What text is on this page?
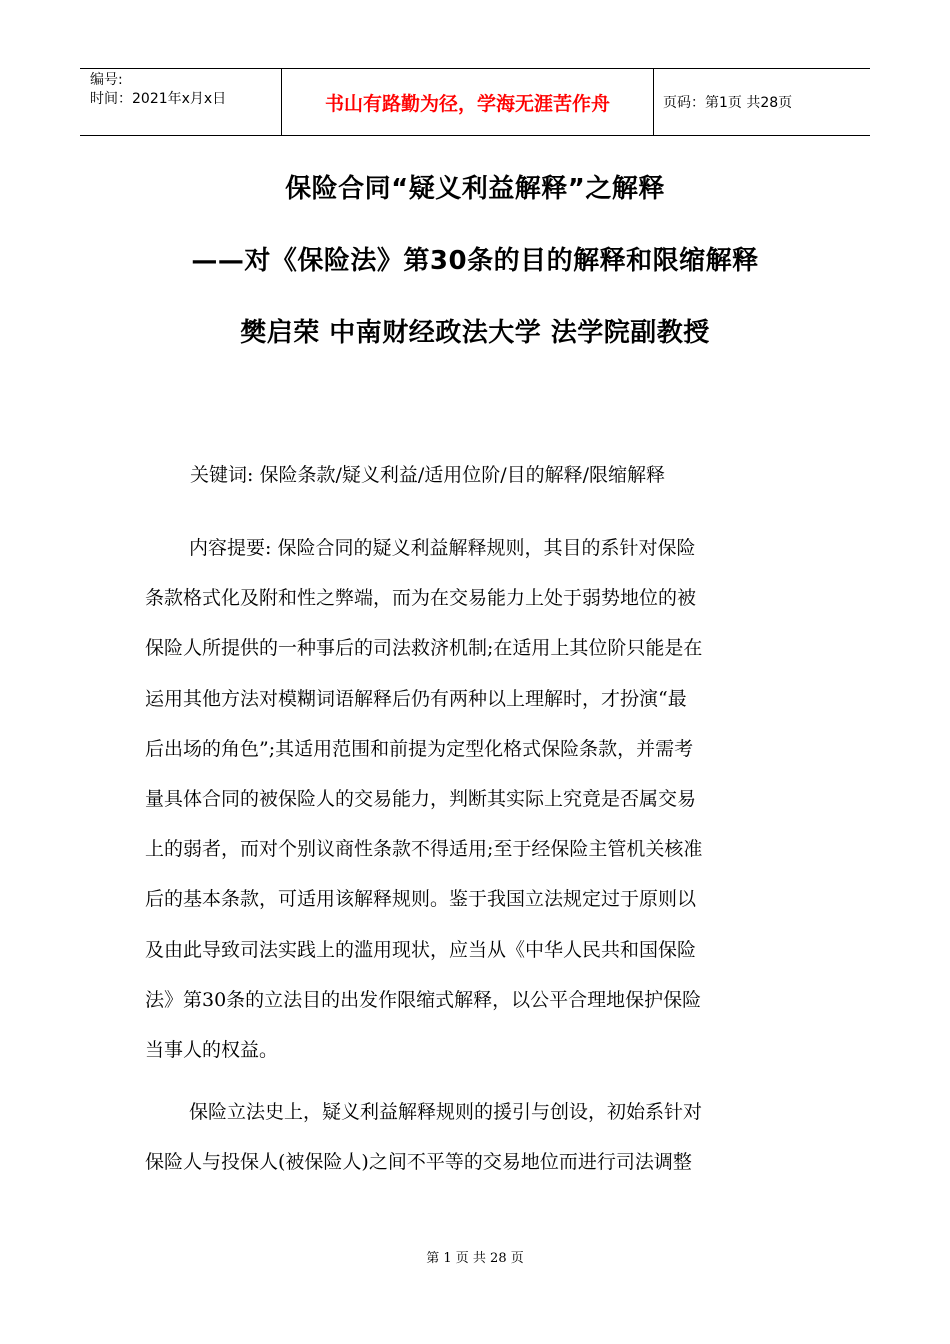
编号:
时间：2021年x月x日	书山有路勤为径，学海无涯苦作舟	页码：第1页 共28页
保险合同“疑义利益解释”之解释
——对《保险法》第30条的目的解释和限缩解释
樊启荣 中南财经政法大学 法学院副教授
关键词: 保险条款/疑义利益/适用位阶/目的解释/限缩解释
内容提要: 保险合同的疑义利益解释规则，其目的系针对保险
条款格式化及附和性之弊端，而为在交易能力上处于弱势地位的被
保险人所提供的一种事后的司法救济机制;在适用上其位阶只能是在
运用其他方法对模糊词语解释后仍有两种以上理解时，才扮演“最
后出场的角色”;其适用范围和前提为定型化格式保险条款，并需考
量具体合同的被保险人的交易能力，判断其实际上究竟是否属交易
上的弱者，而对个别议商性条款不得适用;至于经保险主管机关核准
后的基本条款，可适用该解释规则。鉴于我国立法规定过于原则以
及由此导致司法实践上的滥用现状，应当从《中华人民共和国保险
法》第30条的立法目的出发作限缩式解释，以公平合理地保护保险
当事人的权益。
保险立法史上，疑义利益解释规则的援引与创设，初始系针对
保险人与投保人(被保险人)之间不平等的交易地位而进行司法调整
第 1 页 共 28 页
